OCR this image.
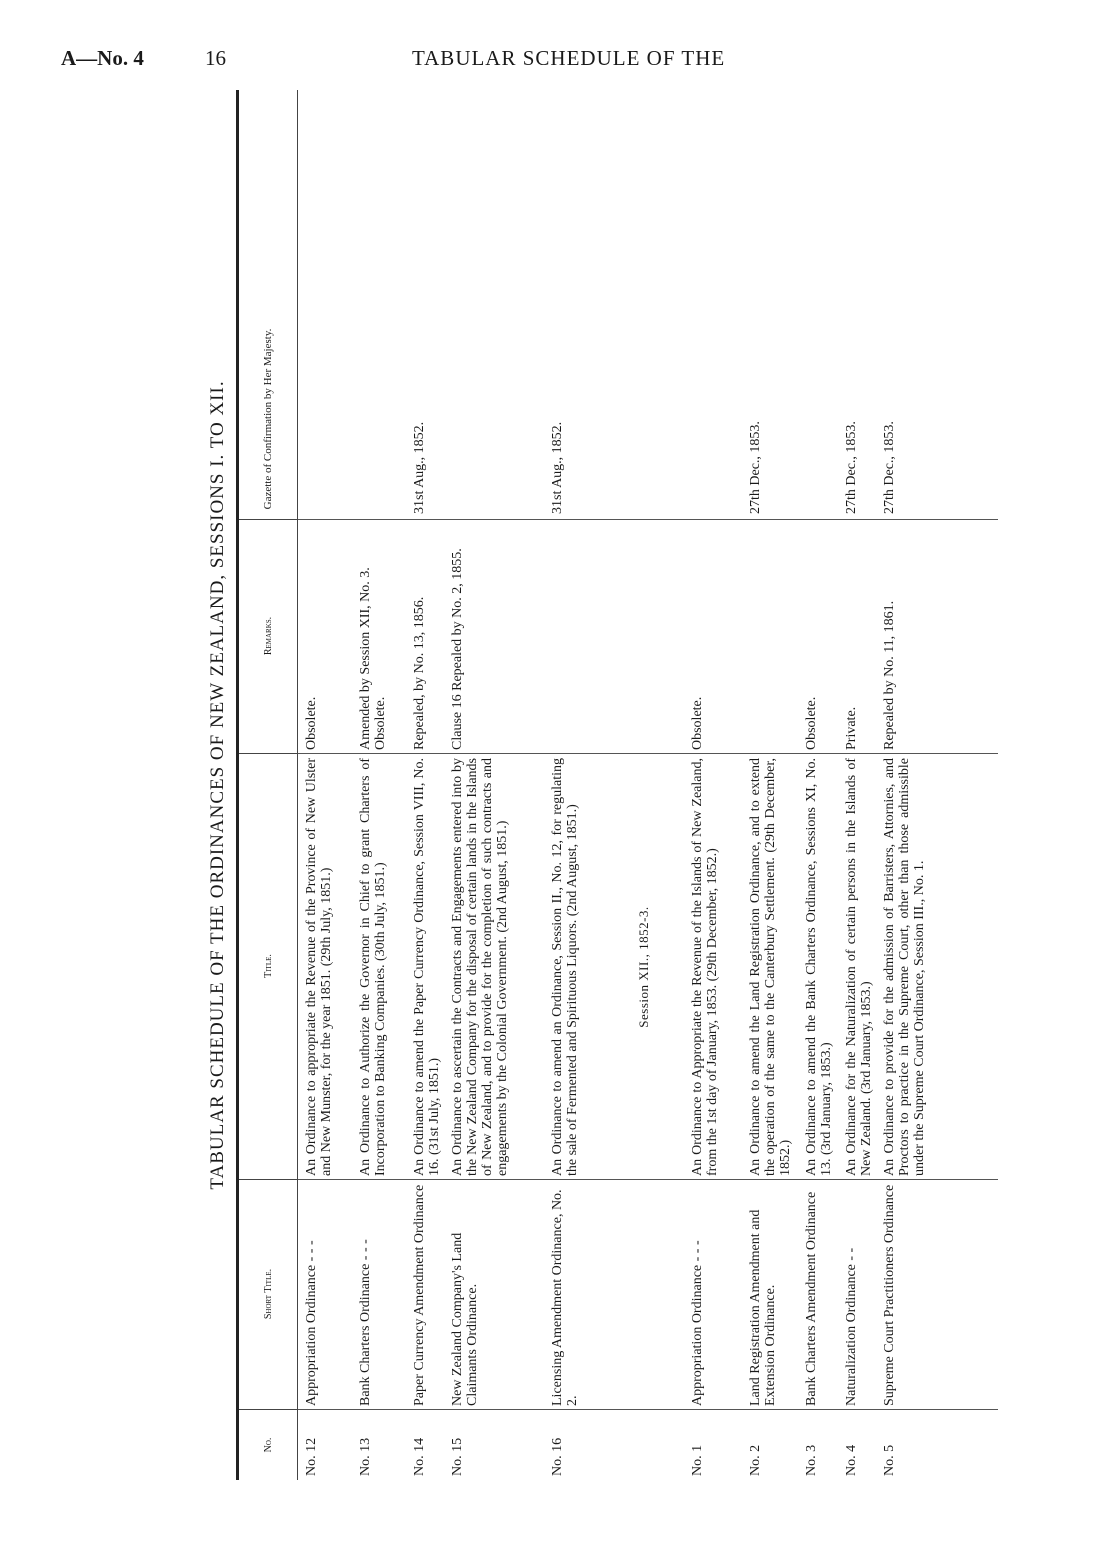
A—No. 4	16	TABULAR SCHEDULE OF THE
TABULAR SCHEDULE OF THE ORDINANCES OF NEW ZEALAND, SESSIONS I. TO XII.
No.
Short Title.
Title.
Remarks.
Gazette of Confirmation by Her Majesty.
No. 12
Appropriation Ordinance - - -
An Ordinance to appropriate the Revenue of the Province of New Ulster and New Munster, for the year 1851. (29th July, 1851.)
Obsolete.
No. 13
Bank Charters Ordinance - - -
An Ordinance to Authorize the Governor in Chief to grant Charters of Incorporation to Banking Companies. (30th July, 1851.)
Amended by Session XII, No. 3. Obsolete.
No. 14
Paper Currency Amendment Ordinance
An Ordinance to amend the Paper Currency Ordinance, Session VIII, No. 16. (31st July, 1851.)
Repealed, by No. 13, 1856.
31st Aug., 1852.
No. 15
New Zealand Company's Land Claimants Ordinance.
An Ordinance to ascertain the Contracts and Engagements entered into by the New Zealand Company for the disposal of certain lands in the Islands of New Zealand, and to provide for the completion of such contracts and engagements by the Colonial Government. (2nd August, 1851.)
Clause 16 Repealed by No. 2, 1855.
No. 16
Licensing Amendment Ordinance, No. 2.
An Ordinance to amend an Ordinance, Session II., No. 12, for regulating the sale of Fermented and Spirituous Liquors. (2nd August, 1851.)
31st Aug., 1852.
Session XII., 1852-3.
No. 1
Appropriation Ordinance - - -
An Ordinance to Appropriate the Revenue of the Islands of New Zealand, from the 1st day of January, 1853. (29th December, 1852.)
Obsolete.
No. 2
Land Registration Amendment and Extension Ordinance.
An Ordinance to amend the Land Registration Ordinance, and to extend the operation of the same to the Canterbury Settlement. (29th December, 1852.)
27th Dec., 1853.
No. 3
Bank Charters Amendment Ordinance
An Ordinance to amend the Bank Charters Ordinance, Sessions XI, No. 13. (3rd January, 1853.)
Obsolete.
No. 4
Naturalization Ordinance - -
An Ordinance for the Naturalization of certain persons in the Islands of New Zealand. (3rd January, 1853.)
Private.
27th Dec., 1853.
No. 5
Supreme Court Practitioners Ordinance
An Ordinance to provide for the admission of Barristers, Attornies, and Proctors to practice in the Supreme Court, other than those admissible under the Supreme Court Ordinance, Session III., No. 1.
Repealed by No. 11, 1861.
27th Dec., 1853.
